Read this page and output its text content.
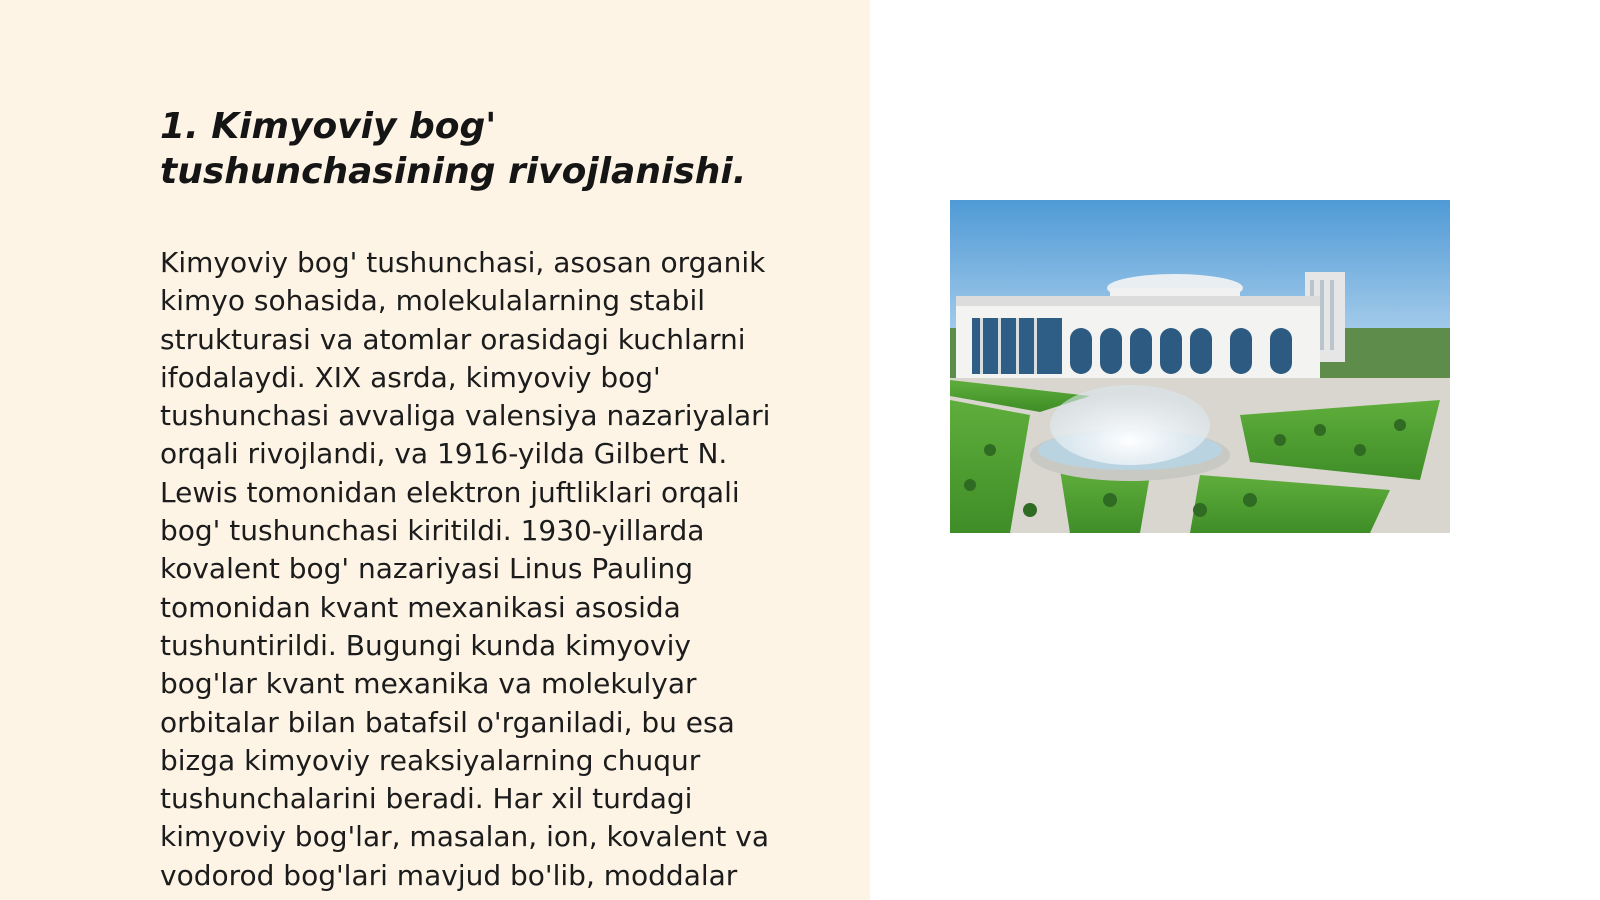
1. Kimyoviy bog' tushunchasining rivojlanishi.

Kimyoviy bog' tushunchasi, asosan organik
kimyo sohasida, molekulalarning stabil
strukturasi va atomlar orasidagi kuchlarni
ifodalaydi. XIX asrda, kimyoviy bog'
tushunchasi avvaliga valensiya nazariyalari
orqali rivojlandi, va 1916-yilda Gilbert N.
Lewis tomonidan elektron juftliklari orqali
bog' tushunchasi kiritildi. 1930-yillarda
kovalent bog' nazariyasi Linus Pauling
tomonidan kvant mexanikasi asosida
tushuntirildi. Bugungi kunda kimyoviy
bog'lar kvant mexanika va molekulyar
orbitalar bilan batafsil o'rganiladi, bu esa
bizga kimyoviy reaksiyalarning chuqur
tushunchalarini beradi. Har xil turdagi
kimyoviy bog'lar, masalan, ion, kovalent va
vodorod bog'lari mavjud bo'lib, moddalar
